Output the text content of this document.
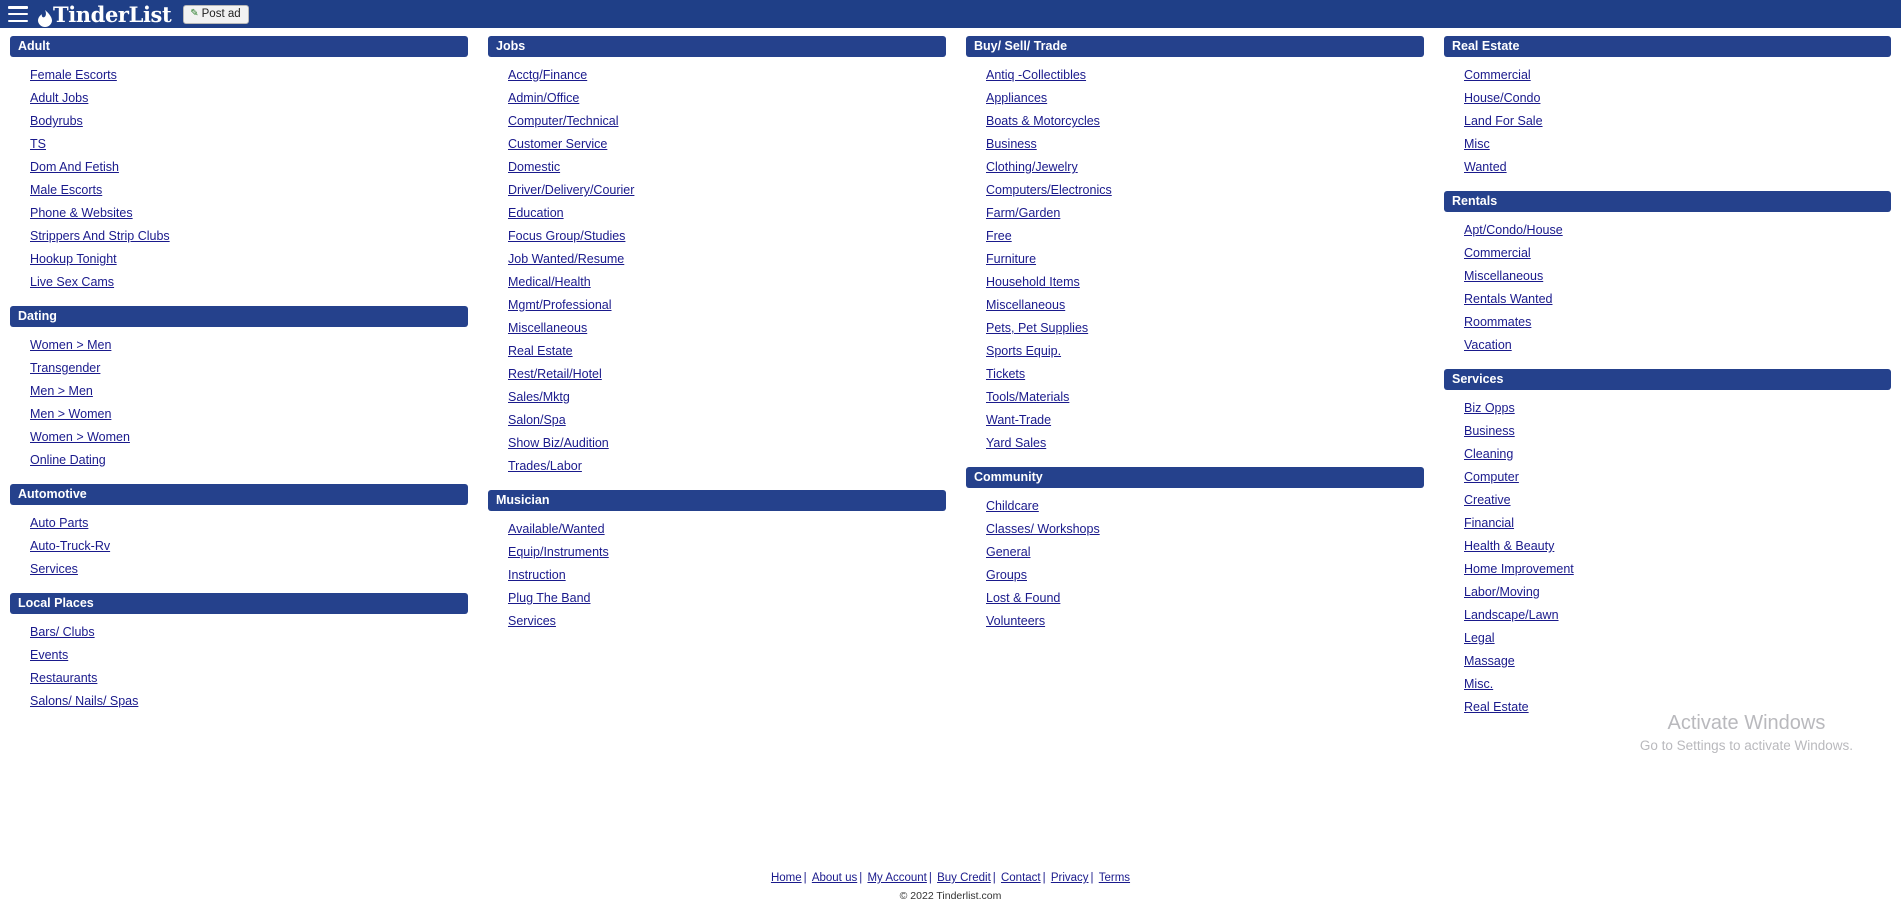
TinderList ✎ Post ad
Adult
Female Escorts
Adult Jobs
Bodyrubs
TS
Dom And Fetish
Male Escorts
Phone & Websites
Strippers And Strip Clubs
Hookup Tonight
Live Sex Cams
Dating
Women > Men
Transgender
Men > Men
Men > Women
Women > Women
Online Dating
Automotive
Auto Parts
Auto-Truck-Rv
Services
Local Places
Bars/ Clubs
Events
Restaurants
Salons/ Nails/ Spas
Jobs
Acctg/Finance
Admin/Office
Computer/Technical
Customer Service
Domestic
Driver/Delivery/Courier
Education
Focus Group/Studies
Job Wanted/Resume
Medical/Health
Mgmt/Professional
Miscellaneous
Real Estate
Rest/Retail/Hotel
Sales/Mktg
Salon/Spa
Show Biz/Audition
Trades/Labor
Musician
Available/Wanted
Equip/Instruments
Instruction
Plug The Band
Services
Buy/ Sell/ Trade
Antiq -Collectibles
Appliances
Boats & Motorcycles
Business
Clothing/Jewelry
Computers/Electronics
Farm/Garden
Free
Furniture
Household Items
Miscellaneous
Pets, Pet Supplies
Sports Equip.
Tickets
Tools/Materials
Want-Trade
Yard Sales
Community
Childcare
Classes/ Workshops
General
Groups
Lost & Found
Volunteers
Real Estate
Commercial
House/Condo
Land For Sale
Misc
Wanted
Rentals
Apt/Condo/House
Commercial
Miscellaneous
Rentals Wanted
Roommates
Vacation
Services
Biz Opps
Business
Cleaning
Computer
Creative
Financial
Health & Beauty
Home Improvement
Labor/Moving
Landscape/Lawn
Legal
Massage
Misc.
Real Estate
Activate Windows
Go to Settings to activate Windows.
Home | About us | My Account | Buy Credit | Contact | Privacy | Terms
© 2022 Tinderlist.com
